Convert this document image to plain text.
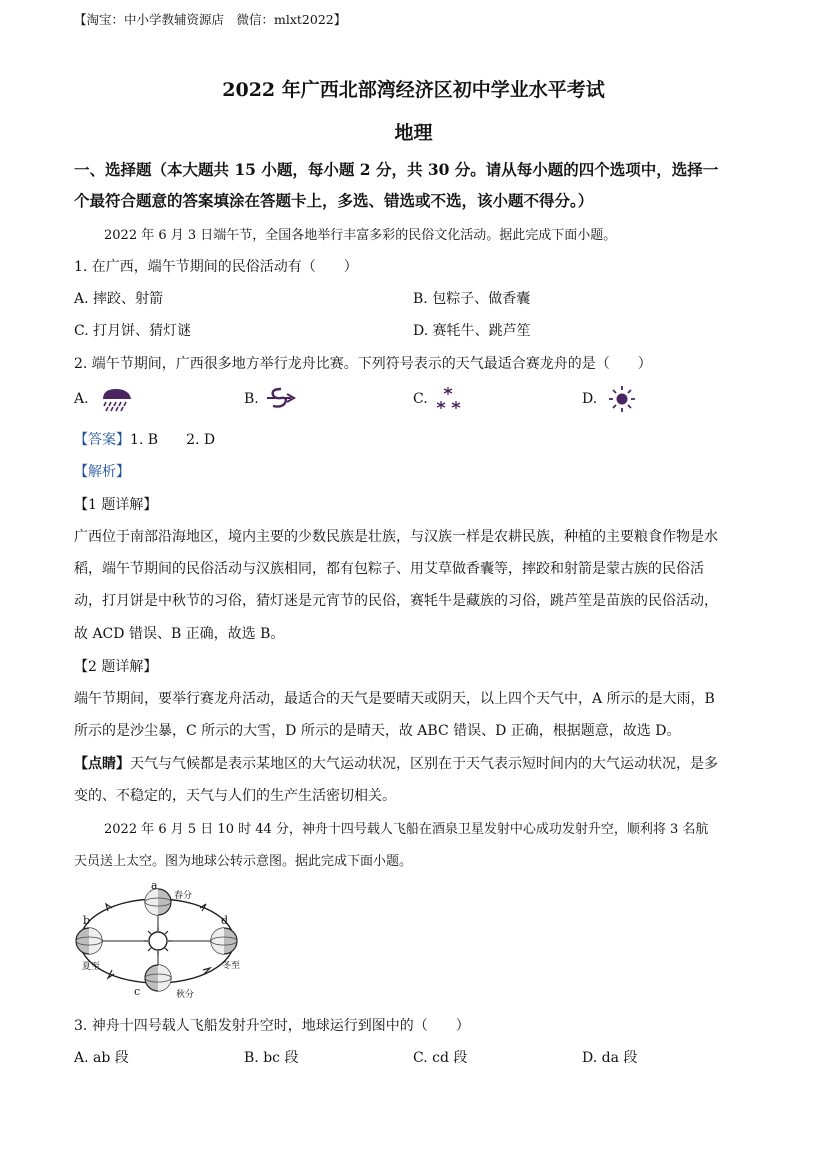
【淘宝：中小学教辅资源店　微信：mlxt2022】
2022 年广西北部湾经济区初中学业水平考试
地理
一、选择题（本大题共 15 小题，每小题 2 分，共 30 分。请从每小题的四个选项中，选择一
个最符合题意的答案填涂在答题卡上，多选、错选或不选，该小题不得分。）
2022 年 6 月 3 日端午节，全国各地举行丰富多彩的民俗文化活动。据此完成下面小题。
1. 在广西，端午节期间的民俗活动有（　　）
A. 摔跤、射箭	B. 包粽子、做香囊
C. 打月饼、猜灯谜	D. 赛牦牛、跳芦笙
2. 端午节期间，广西很多地方举行龙舟比赛。下列符号表示的天气最适合赛龙舟的是（　　）
A.	B.	C.	D.
【答案】1. B　　2. D
【解析】
【1 题详解】
广西位于南部沿海地区，境内主要的少数民族是壮族，与汉族一样是农耕民族，种植的主要粮食作物是水
稻，端午节期间的民俗活动与汉族相同，都有包粽子、用艾草做香囊等，摔跤和射箭是蒙古族的民俗活
动，打月饼是中秋节的习俗，猜灯迷是元宵节的民俗，赛牦牛是藏族的习俗，跳芦笙是苗族的民俗活动，
故 ACD 错误、B 正确，故选 B。
【2 题详解】
端午节期间，要举行赛龙舟活动，最适合的天气是要晴天或阴天，以上四个天气中，A 所示的是大雨，B
所示的是沙尘暴，C 所示的大雪，D 所示的是晴天，故 ABC 错误、D 正确，根据题意，故选 D。
【点睛】天气与气候都是表示某地区的大气运动状况，区别在于天气表示短时间内的大气运动状况，是多
变的、不稳定的，天气与人们的生产生活密切相关。
2022 年 6 月 5 日 10 时 44 分，神舟十四号载人飞船在酒泉卫星发射中心成功发射升空，顺利将 3 名航
天员送上太空。图为地球公转示意图。据此完成下面小题。
a
春分
b
夏至
d
冬至
c	秋分
3. 神舟十四号载人飞船发射升空时，地球运行到图中的（　　）
A. ab 段	B. bc 段	C. cd 段	D. da 段
